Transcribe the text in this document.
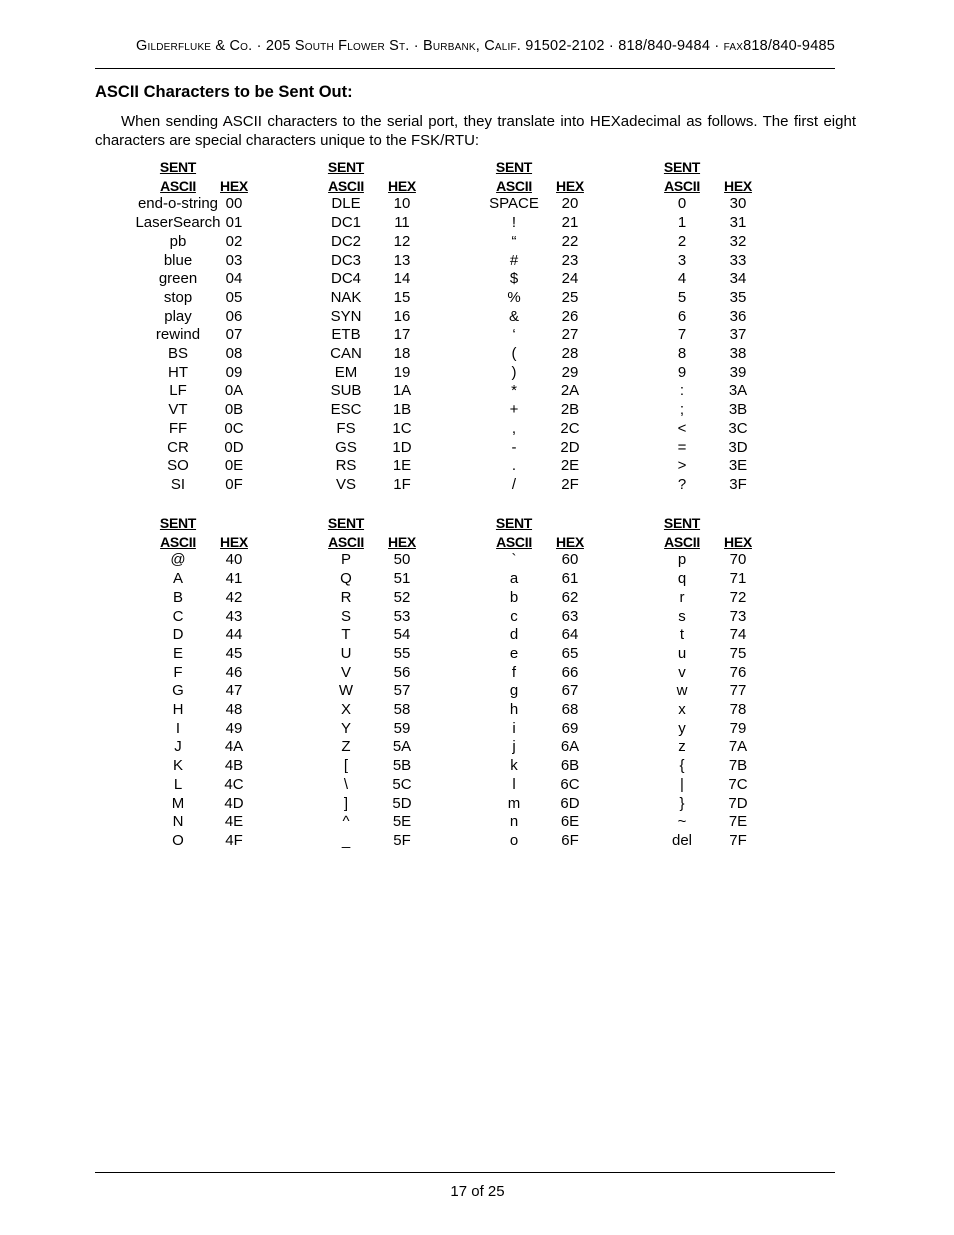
Gilderfluke & Co. · 205 South Flower St. · Burbank, Calif. 91502-2102 · 818/840-9484 · fax818/840-9485
ASCII Characters to be Sent Out:

When sending ASCII characters to the serial port, they translate into HEXadecimal as follows. The first eight characters are special characters unique to the FSK/RTU:

SENT	SENT	SENT	SENT
ASCII	HEX	ASCII	HEX	ASCII	HEX	ASCII	HEX
end-o-string 00	DLE	10	SPACE	20	0	30
LaserSearch 01	DC1	11	!	21	1	31
pb	02	DC2	12	“	22	2	32
blue	03	DC3	13	#	23	3	33
green	04	DC4	14	$	24	4	34
stop	05	NAK	15	%	25	5	35
play	06	SYN	16	&	26	6	36
rewind	07	ETB	17	‘	27	7	37
BS	08	CAN	18	(	28	8	38
HT	09	EM	19	)	29	9	39
LF	0A	SUB	1A	*	2A	:	3A
VT	0B	ESC	1B	+	2B	;	3B
FF	0C	FS	1C	,	2C	<	3C
CR	0D	GS	1D	-	2D	=	3D
SO	0E	RS	1E	.	2E	>	3E
SI	0F	VS	1F	/	2F	?	3F
SENT	SENT	SENT	SENT
ASCII	HEX	ASCII	HEX	ASCII	HEX	ASCII	HEX
@	40	P	50	`	60	p	70
A	41	Q	51	a	61	q	71
B	42	R	52	b	62	r	72
C	43	S	53	c	63	s	73
D	44	T	54	d	64	t	74
E	45	U	55	e	65	u	75
F	46	V	56	f	66	v	76
G	47	W	57	g	67	w	77
H	48	X	58	h	68	x	78
I	49	Y	59	i	69	y	79
J	4A	Z	5A	j	6A	z	7A
K	4B	[	5B	k	6B	{	7B
L	4C	\	5C	l	6C	|	7C
M	4D	]	5D	m	6D	}	7D
N	4E	^	5E	n	6E	~	7E
O	4F	_	5F	o	6F	del	7F
17 of 25
